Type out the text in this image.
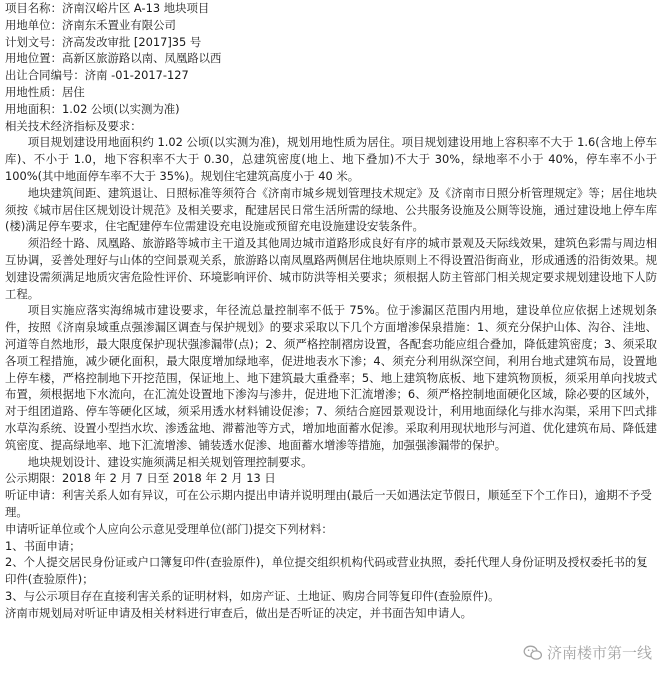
项目名称：济南汉峪片区 A-13 地块项目
用地单位：济南东禾置业有限公司
计划文号：济高发改审批 [2017]35 号
用地位置：高新区旅游路以南、凤凰路以西
出让合同编号：济南 -01-2017-127
用地性质：居住
用地面积：1.02 公顷(以实测为准)
相关技术经济指标及要求：
项目规划建设用地面积约 1.02 公顷(以实测为准)，规划用地性质为居住。项目规划建设用地上容积率不大于 1.6(含地上停车库)、不小于 1.0，地下容积率不大于 0.30，总建筑密度(地上、地下叠加)不大于 30%，绿地率不小于 40%，停车率不小于 100%(其中地面停车率不大于 35%)。规划住宅建筑高度小于 40 米。
地块建筑间距、建筑退让、日照标准等须符合《济南市城乡规划管理技术规定》及《济南市日照分析管理规定》等；居住地块须按《城市居住区规划设计规范》及相关要求，配建居民日常生活所需的绿地、公共服务设施及公厕等设施，通过建设地上停车库(楼)满足停车要求，住宅配建停车位需建设充电设施或预留充电设施建设安装条件。
须沿经十路、凤凰路、旅游路等城市主干道及其他周边城市道路形成良好有序的城市景观及天际线效果，建筑色彩需与周边相互协调，妥善处理好与山体的空间景观关系，旅游路以南凤凰路两侧居住地块原则上不得设置沿街商业，形成通透的沿街效果。规划建设需须满足地质灾害危险性评价、环境影响评价、城市防洪等相关要求；须根据人防主管部门相关规定要求规划建设地下人防工程。
项目实施应落实海绵城市建设要求，年径流总量控制率不低于 75%。位于渗漏区范围内用地，建设单位应依据上述规划条件，按照《济南泉域重点强渗漏区调查与保护规划》的要求采取以下几个方面增渗保泉措施：1、须充分保护山体、沟谷、洼地、河道等自然地形，最大限度保护现状强渗漏带(点)；2、须严格控制褶房设置，各配套功能应组合叠加，降低建筑密度；3、须采取各项工程措施，减少硬化面积，最大限度增加绿地率，促进地表水下渗；4、须充分利用纵深空间，利用台地式建筑布局，设置地上停车楼，严格控制地下开挖范围，保证地上、地下建筑最大重叠率；5、地上建筑物底板、地下建筑物顶板，须采用单向找坡式布置，须根据地下水流向，在汇流处设置地下渗沟与渗井，促进地下汇流增渗；6、须严格控制地面硬化区域，除必要的区域外，对于组团道路、停车等硬化区域，须采用透水材料铺设促渗；7、须结合庭园景观设计，利用地面绿化与排水沟渠，采用下凹式排水草沟系统、设置小型挡水坎、渗透盆地、滞蓄池等方式，增加地面蓄水促渗。采取利用现状地形与河道、优化建筑布局、降低建筑密度、提高绿地率、地下汇流增渗、铺装透水促渗、地面蓄水增渗等措施，加强强渗漏带的保护。
地块规划设计、建设实施须满足相关规划管理控制要求。
公示期限：2018 年 2 月 7 日至 2018 年 2 月 13 日
听证申请：利害关系人如有异议，可在公示期内提出申请并说明理由(最后一天如遇法定节假日，顺延至下个工作日)，逾期不予受理。
申请听证单位或个人应向公示意见受理单位(部门)提交下列材料：
1、书面申请；
2、个人提交居民身份证或户口簿复印件(查验原件)，单位提交组织机构代码或营业执照，委托代理人身份证明及授权委托书的复印件(查验原件)；
3、与公示项目存在直接利害关系的证明材料，如房产证、土地证、购房合同等复印件(查验原件)。
济南市规划局对听证申请及相关材料进行审查后，做出是否听证的决定，并书面告知申请人。
济南楼市第一线
